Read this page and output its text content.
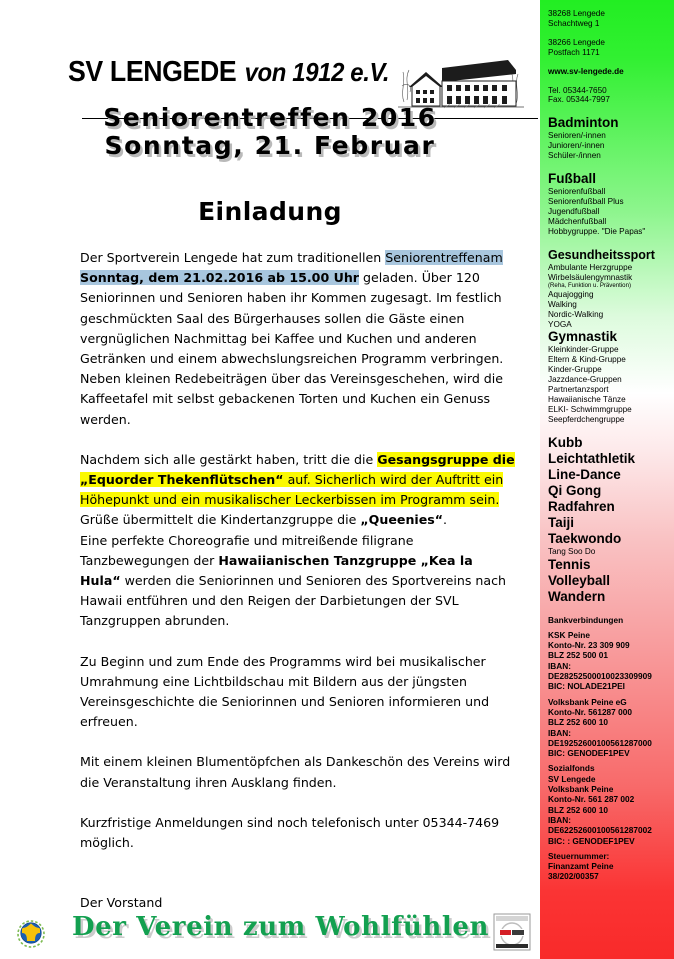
SV LENGEDE von 1912 e.V.
Seniorentreffen 2016
Sonntag, 21. Februar
Einladung

Der Sportverein Lengede hat zum traditionellen Seniorentreffenam Sonntag, dem 21.02.2016 ab 15.00 Uhr geladen. Über 120 Seniorinnen und Senioren haben ihr Kommen zugesagt. Im festlich geschmückten Saal des Bürgerhauses sollen die Gäste einen vergnüglichen Nachmittag bei Kaffee und Kuchen und anderen Getränken und einem abwechslungsreichen Programm verbringen.

Neben kleinen Redebeiträgen über das Vereinsgeschehen, wird die Kaffeetafel mit selbst gebackenen Torten und Kuchen ein Genuss werden.

Nachdem sich alle gestärkt haben, tritt die die Gesangsgruppe die „Equorder Thekenflütschen“ auf. Sicherlich wird der Auftritt ein Höhepunkt und ein musikalischer Leckerbissen im Programm sein.

Grüße übermittelt die Kindertanzgruppe die „Queenies“.

Eine perfekte Choreografie und mitreißende filigrane Tanzbewegungen der Hawaiianischen Tanzgruppe „Kea la Hula“ werden die Seniorinnen und Senioren des Sportvereins nach Hawaii entführen und den Reigen der Darbietungen der SVL Tanzgruppen abrunden.

Zu Beginn und zum Ende des Programms wird bei musikalischer Umrahmung eine Lichtbildschau mit Bildern aus der jüngsten Vereinsgeschichte die Seniorinnen und Senioren informieren und erfreuen.

Mit einem kleinen Blumentöpfchen als Dankeschön des Vereins wird die Veranstaltung ihren Ausklang finden.

Kurzfristige Anmeldungen sind noch telefonisch unter 05344-7469 möglich.

Der Vorstand

Der Verein zum Wohlfühlen
38268 Lengede
Schachtweg 1
38266 Lengede
Postfach 1171
www.sv-lengede.de
Tel. 05344-7650
Fax. 05344-7997
Badminton
Senioren/-innen
Junioren/-innen
Schüler-/innen
Fußball
Seniorenfußball
Seniorenfußball Plus
Jugendfußball
Mädchenfußball
Hobbygruppe. "Die Papas"
Gesundheitssport
Ambulante Herzgruppe
Wirbelsäulengymnastik
(Reha, Funktion u. Prävention)
Aquajogging
Walking
Nordic-Walking
YOGA
Gymnastik
Kleinkinder-Gruppe
Eltern & Kind-Gruppe
Kinder-Gruppe
Jazzdance-Gruppen
Partnertanzsport
Hawaiianische Tänze
ELKI- Schwimmgruppe
Seepferdchengruppe
Kubb
Leichtathletik
Line-Dance
Qi Gong
Radfahren
Taiji
Taekwondo
Tang Soo Do
Tennis
Volleyball
Wandern
Bankverbindungen
KSK Peine
Konto-Nr. 23 309 909
BLZ 252 500 01
IBAN:
DE28252500010023309909
BIC: NOLADE21PEI
Volksbank Peine eG
Konto-Nr. 561287 000
BLZ 252 600 10
IBAN:
DE19252600100561287000
BIC: GENODEF1PEV
Sozialfonds
SV Lengede
Volksbank Peine
Konto-Nr. 561 287 002
BLZ 252 600 10
IBAN:
DE62252600100561287002
BIC: : GENODEF1PEV
Steuernummer:
Finanzamt Peine
38/202/00357
